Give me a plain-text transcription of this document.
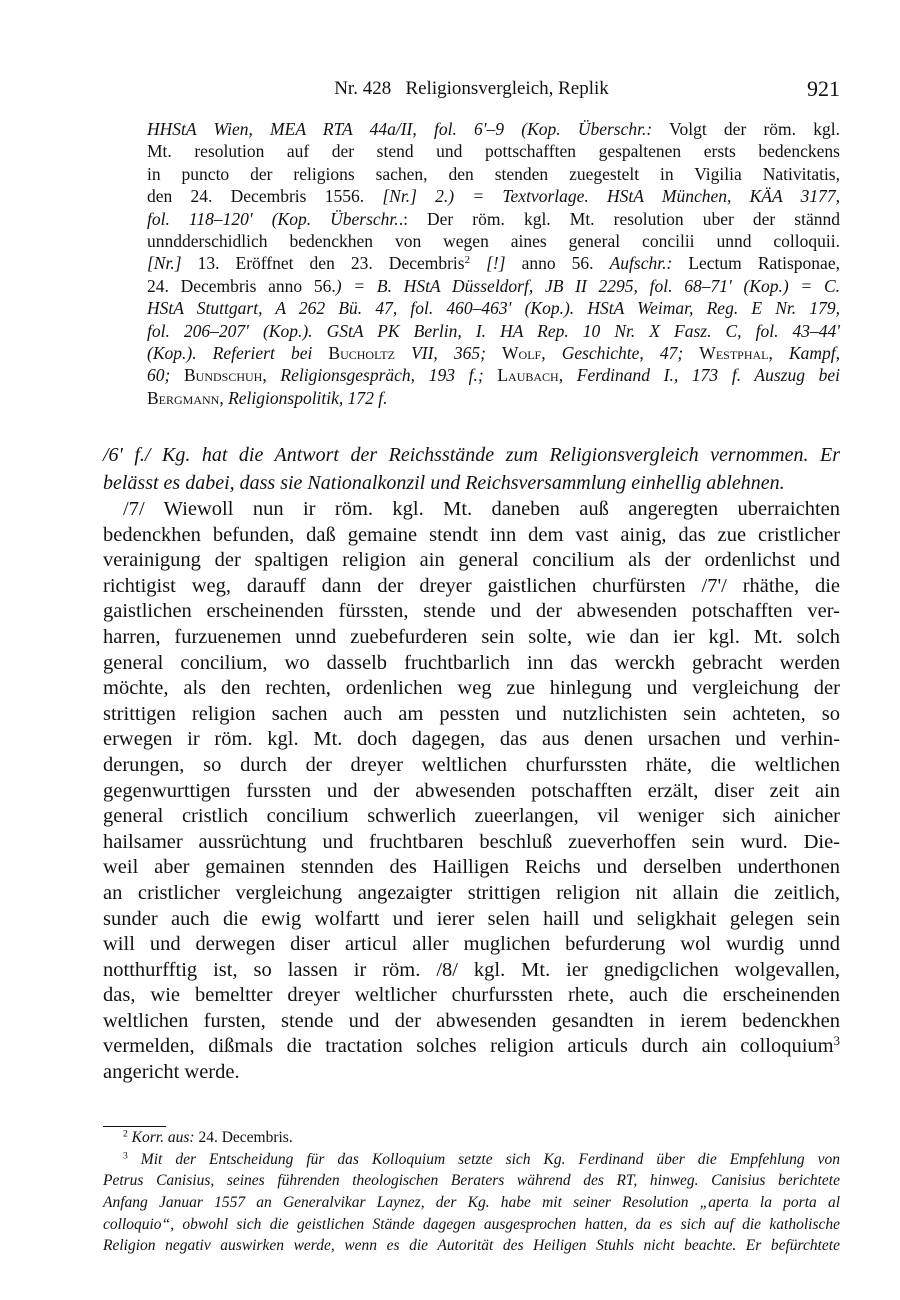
Nr. 428 Religionsvergleich, Replik	921
HHStA Wien, MEA RTA 44a/II, fol. 6'–9 (Kop. Überschr.: Volgt der röm. kgl.
Mt. resolution auf der stend und pottschafften gespaltenen ersts bedenckens
in puncto der religions sachen, den stenden zuegestelt in Vigilia Nativitatis,
den 24. Decembris 1556. [Nr.] 2.) = Textvorlage. HStA München, KÄA 3177,
fol. 118–120' (Kop. Überschr..: Der röm. kgl. Mt. resolution uber der stännd
unndderschidlich bedenckhen von wegen aines general concilii unnd colloquii.
[Nr.] 13. Eröffnet den 23. Decembris$^2$ [!] anno 56. Aufschr.: Lectum Ratisponae,
24. Decembris anno 56.) = B. HStA Düsseldorf, JB II 2295, fol. 68–71' (Kop.) = C.
HStA Stuttgart, A 262 Bü. 47, fol. 460–463' (Kop.). HStA Weimar, Reg. E Nr. 179,
fol. 206–207' (Kop.). GStA PK Berlin, I. HA Rep. 10 Nr. X Fasz. C, fol. 43–44'
(Kop.). Referiert bei Bucholtz VII, 365; Wolf, Geschichte, 47; Westphal, Kampf,
60; Bundschuh, Religionsgespräch, 193 f.; Laubach, Ferdinand I., 173 f. Auszug bei
Bergmann, Religionspolitik, 172 f.
/6' f./ Kg. hat die Antwort der Reichsstände zum Religionsvergleich vernommen. Er
belässt es dabei, dass sie Nationalkonzil und Reichsversammlung einhellig ablehnen.
/7/ Wiewoll nun ir röm. kgl. Mt. daneben auß angeregten uberraichten
bedenckhen befunden, daß gemaine stendt inn dem vast ainig, das zue cristlicher
verainigung der spaltigen religion ain general concilium als der ordenlichst und
richtigist weg, darauff dann der dreyer gaistlichen churfürsten /7'/ rhäthe, die
gaistlichen erscheinenden fürssten, stende und der abwesenden potschafften ver-
harren, furzuenemen unnd zuebefurderen sein solte, wie dan ier kgl. Mt. solch
general concilium, wo dasselb fruchtbarlich inn das werckh gebracht werden
möchte, als den rechten, ordenlichen weg zue hinlegung und vergleichung der
strittigen religion sachen auch am pessten und nutzlichisten sein achteten, so
erwegen ir röm. kgl. Mt. doch dagegen, das aus denen ursachen und verhin-
derungen, so durch der dreyer weltlichen churfurssten rhäte, die weltlichen
gegenwurttigen furssten und der abwesenden potschafften erzält, diser zeit ain
general cristlich concilium schwerlich zueerlangen, vil weniger sich ainicher
hailsamer aussrüchtung und fruchtbaren beschluß zueverhoffen sein wurd. Die-
weil aber gemainen stennden des Hailligen Reichs und derselben underthonen
an cristlicher vergleichung angezaigter strittigen religion nit allain die zeitlich,
sunder auch die ewig wolfartt und ierer selen haill und seligkhait gelegen sein
will und derwegen diser articul aller muglichen befurderung wol wurdig unnd
notthurfftig ist, so lassen ir röm. /8/ kgl. Mt. ier gnedigclichen wolgevallen,
das, wie bemeltter dreyer weltlicher churfurssten rhete, auch die erscheinenden
weltlichen fursten, stende und der abwesenden gesandten in ierem bedenckhen
vermelden, dißmals die tractation solches religion articuls durch ain colloquium$^3$
angericht werde.
$^2$ Korr. aus: 24. Decembris.
$^3$ Mit der Entscheidung für das Kolloquium setzte sich Kg. Ferdinand über die Empfehlung von
Petrus Canisius, seines führenden theologischen Beraters während des RT, hinweg. Canisius berichtete
Anfang Januar 1557 an Generalvikar Laynez, der Kg. habe mit seiner Resolution „aperta la porta al
colloquio“, obwohl sich die geistlichen Stände dagegen ausgesprochen hatten, da es sich auf die katholische
Religion negativ auswirken werde, wenn es die Autorität des Heiligen Stuhls nicht beachte. Er befürchtete
